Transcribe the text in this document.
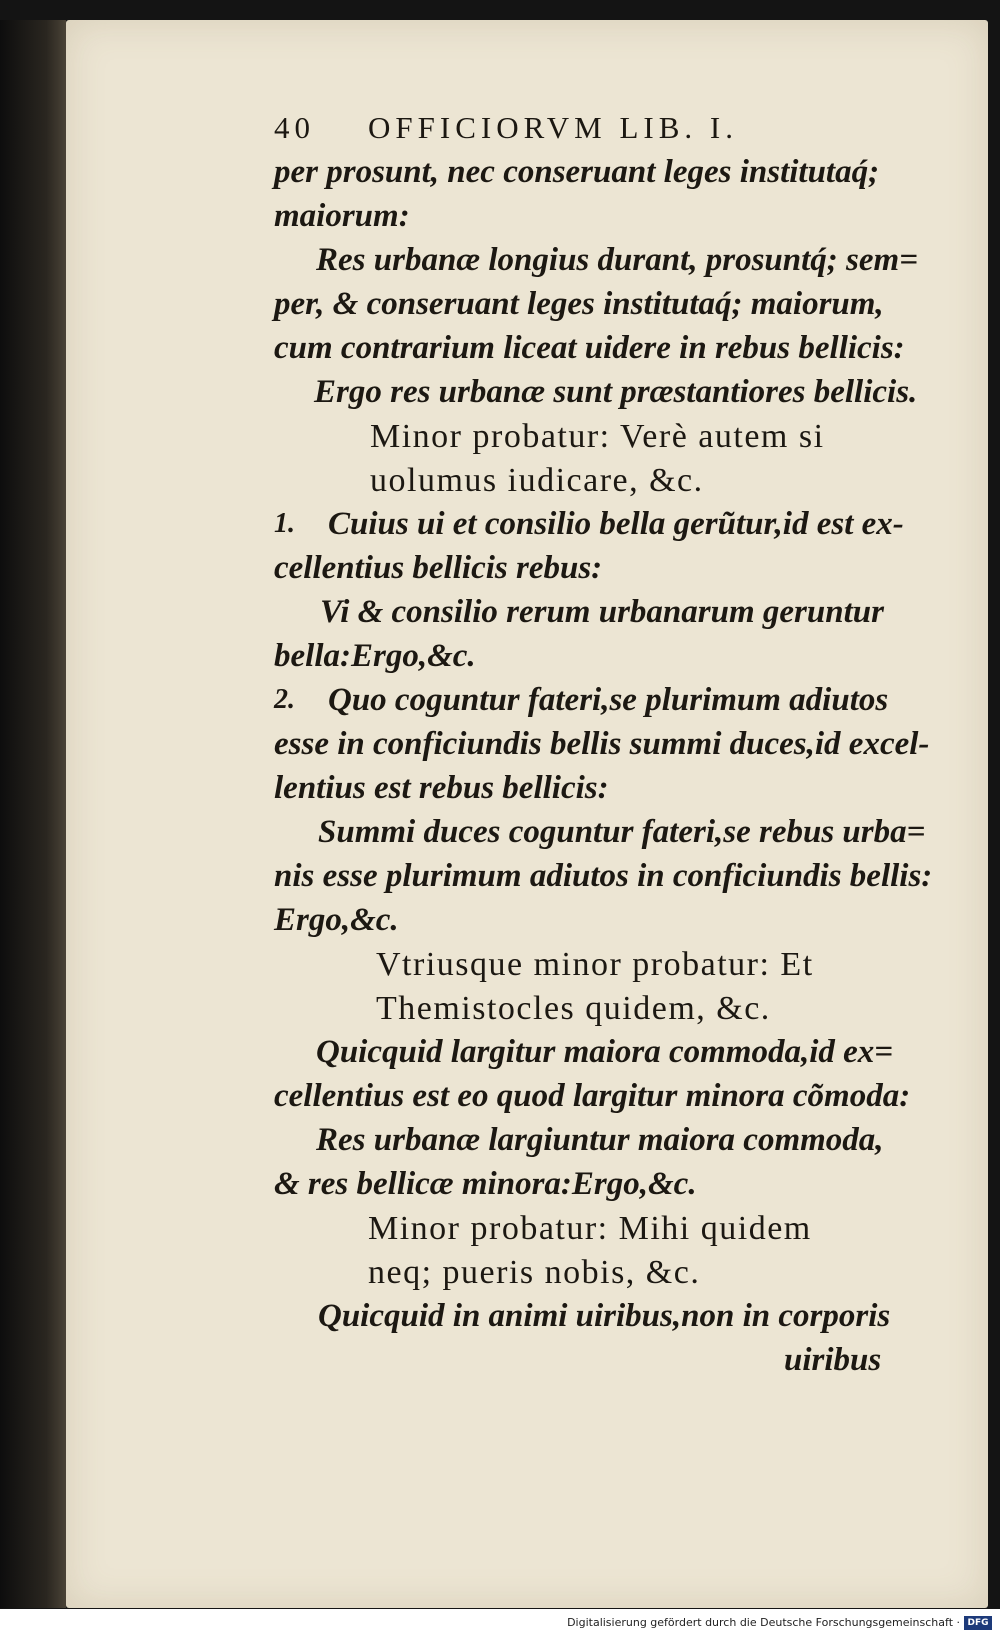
40 OFFICIORVM LIB. I.
per prosunt, nec conseruant leges institutaq́;
maiorum:
Res urbanæ longius durant, prosuntq́; sem=
per, & conseruant leges institutaq́; maiorum,
cum contrarium liceat uidere in rebus bellicis:
Ergo res urbanæ sunt præstantiores bellicis.
Minor probatur: Verè autem si
uolumus iudicare, &c.
1. Cuius ui et consilio bella gerũtur,id est ex-
cellentius bellicis rebus:
Vi & consilio rerum urbanarum geruntur
bella:Ergo,&c.
2. Quo coguntur fateri,se plurimum adiutos
esse in conficiundis bellis summi duces,id excel-
lentius est rebus bellicis:
Summi duces coguntur fateri,se rebus urba=
nis esse plurimum adiutos in conficiundis bellis:
Ergo,&c.
Vtriusque minor probatur: Et
Themistocles quidem, &c.
Quicquid largitur maiora commoda,id ex=
cellentius est eo quod largitur minora cõmoda:
Res urbanæ largiuntur maiora commoda,
& res bellicæ minora:Ergo,&c.
Minor probatur: Mihi quidem
neq; pueris nobis, &c.
Quicquid in animi uiribus,non in corporis
uiribus
Digitalisierung gefördert durch die Deutsche Forschungsgemeinschaft · DFG
